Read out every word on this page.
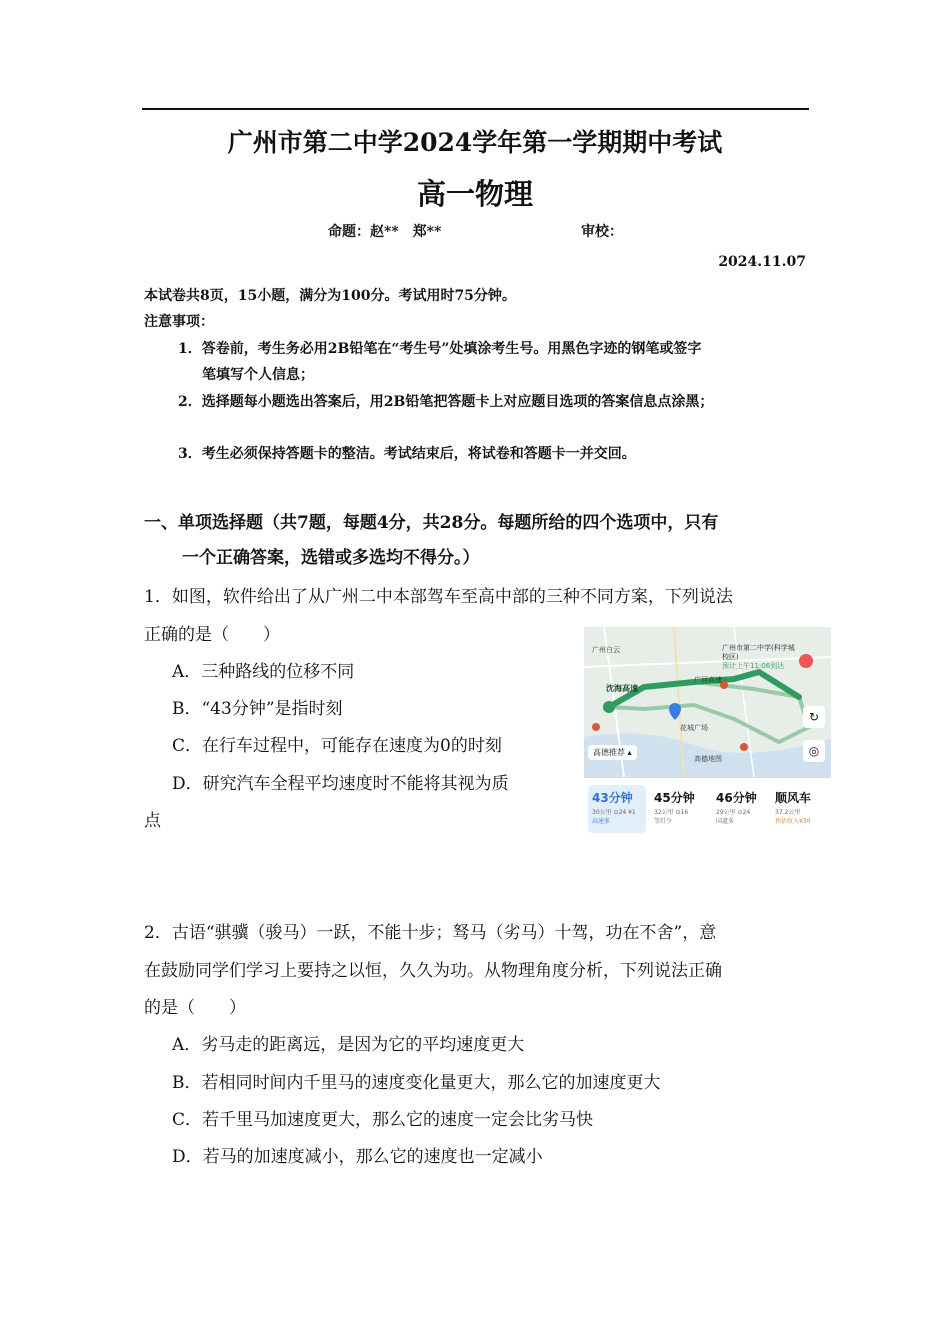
广州市第二中学2024学年第一学期期中考试
高一物理
命题：赵**　郑**	审校：
2024.11.07
本试卷共8页，15小题，满分为100分。考试用时75分钟。
注意事项：
1．答卷前，考生务必用2B铅笔在“考生号”处填涂考生号。用黑色字迹的钢笔或签字
笔填写个人信息；
2．选择题每小题选出答案后，用2B铅笔把答题卡上对应题目选项的答案信息点涂黑；
3．考生必须保持答题卡的整洁。考试结束后，将试卷和答题卡一并交回。
一、单项选择题（共7题，每题4分，共28分。每题所给的四个选项中，只有
一个正确答案，选错或多选均不得分。）
1．如图，软件给出了从广州二中本部驾车至高中部的三种不同方案，下列说法
正确的是（　　）
A．三种路线的位移不同
B．“43分钟”是指时刻
C．在行车过程中，可能存在速度为0的时刻
D．研究汽车全程平均速度时不能将其视为质
点
沈海高速
广河高速
花城广场
高德地图
广州白云	广州市第二中学(科学城校区)
预计上午11:06到达
↻
◎
高德推荐 ▴
43分钟
30公里 ⊙24 ¥1
高速多
45分钟
32公里 ⊙16
等灯少
46分钟
29公里 ⊙24
国道多
顺风车
37.2公里
预估收入¥30
2．古语“骐骥（骏马）一跃，不能十步；驽马（劣马）十驾，功在不舍”，意
在鼓励同学们学习上要持之以恒，久久为功。从物理角度分析，下列说法正确
的是（　　）
A．劣马走的距离远，是因为它的平均速度更大
B．若相同时间内千里马的速度变化量更大，那么它的加速度更大
C．若千里马加速度更大，那么它的速度一定会比劣马快
D．若马的加速度减小，那么它的速度也一定减小
